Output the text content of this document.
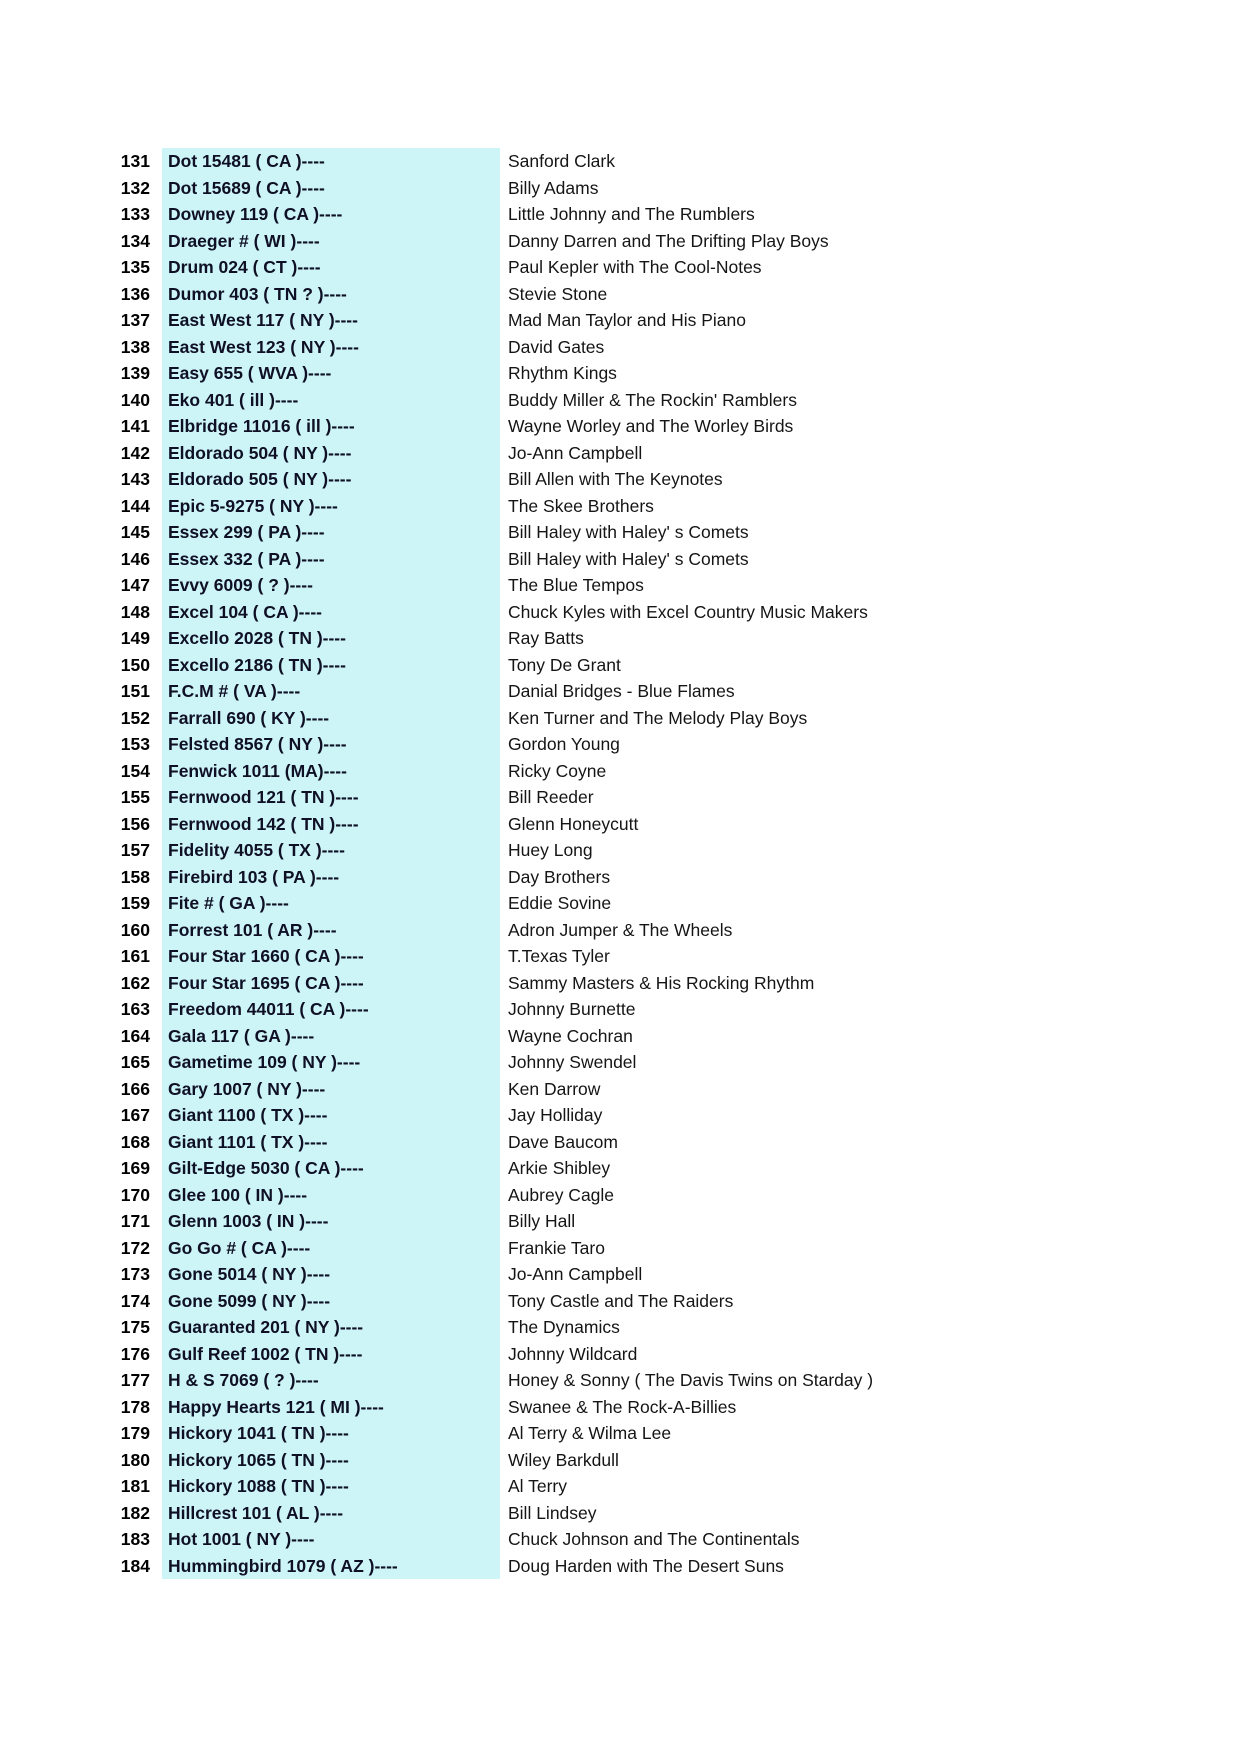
131	Dot 15481 ( CA )----	Sanford Clark
132	Dot 15689 ( CA )----	Billy Adams
133	Downey 119 ( CA )----	Little Johnny and The Rumblers
134	Draeger # ( WI )----	Danny Darren and The Drifting Play Boys
135	Drum 024 ( CT )----	Paul Kepler with The Cool-Notes
136	Dumor 403 ( TN ? )----	Stevie Stone
137	East West 117 ( NY )----	Mad Man Taylor and His Piano
138	East West 123 ( NY )----	David Gates
139	Easy 655 ( WVA )----	Rhythm Kings
140	Eko 401 ( ill )----	Buddy Miller & The Rockin' Ramblers
141	Elbridge 11016 ( ill )----	Wayne Worley and The Worley Birds
142	Eldorado 504 ( NY )----	Jo-Ann Campbell
143	Eldorado 505 ( NY )----	Bill Allen with The Keynotes
144	Epic 5-9275 ( NY )----	The Skee Brothers
145	Essex 299 ( PA )----	Bill Haley with Haley' s Comets
146	Essex 332 ( PA )----	Bill Haley with Haley' s Comets
147	Evvy 6009 ( ? )----	The Blue Tempos
148	Excel 104 ( CA )----	Chuck Kyles with Excel Country Music Makers
149	Excello 2028 ( TN )----	Ray Batts
150	Excello 2186 ( TN )----	Tony De Grant
151	F.C.M # ( VA )----	Danial Bridges - Blue Flames
152	Farrall 690 ( KY )----	Ken Turner and The Melody Play Boys
153	Felsted 8567 ( NY )----	Gordon Young
154	Fenwick 1011 (MA)----	Ricky Coyne
155	Fernwood 121 ( TN )----	Bill Reeder
156	Fernwood 142 ( TN )----	Glenn Honeycutt
157	Fidelity 4055 ( TX )----	Huey Long
158	Firebird 103 ( PA )----	Day Brothers
159	Fite # ( GA )----	Eddie Sovine
160	Forrest 101 ( AR )----	Adron Jumper & The Wheels
161	Four Star 1660 ( CA )----	T.Texas Tyler
162	Four Star 1695 ( CA )----	Sammy Masters & His Rocking Rhythm
163	Freedom 44011 ( CA )----	Johnny Burnette
164	Gala 117 ( GA )----	Wayne Cochran
165	Gametime 109 ( NY )----	Johnny Swendel
166	Gary 1007 ( NY )----	Ken Darrow
167	Giant 1100 ( TX )----	Jay Holliday
168	Giant 1101 ( TX )----	Dave Baucom
169	Gilt-Edge 5030 ( CA )----	Arkie Shibley
170	Glee 100 ( IN )----	Aubrey Cagle
171	Glenn 1003 ( IN )----	Billy Hall
172	Go Go # ( CA )----	Frankie Taro
173	Gone 5014 ( NY )----	Jo-Ann Campbell
174	Gone 5099 ( NY )----	Tony Castle and The Raiders
175	Guaranted 201 ( NY )----	The Dynamics
176	Gulf Reef 1002 ( TN )----	Johnny Wildcard
177	H & S 7069 ( ? )----	Honey & Sonny ( The Davis Twins on Starday )
178	Happy Hearts 121 ( MI )----	Swanee & The Rock-A-Billies
179	Hickory 1041 ( TN )----	Al Terry & Wilma Lee
180	Hickory 1065 ( TN )----	Wiley Barkdull
181	Hickory 1088 ( TN )----	Al Terry
182	Hillcrest 101 ( AL )----	Bill Lindsey
183	Hot 1001 ( NY )----	Chuck Johnson and The Continentals
184	Hummingbird 1079 ( AZ )----	Doug Harden with The Desert Suns
